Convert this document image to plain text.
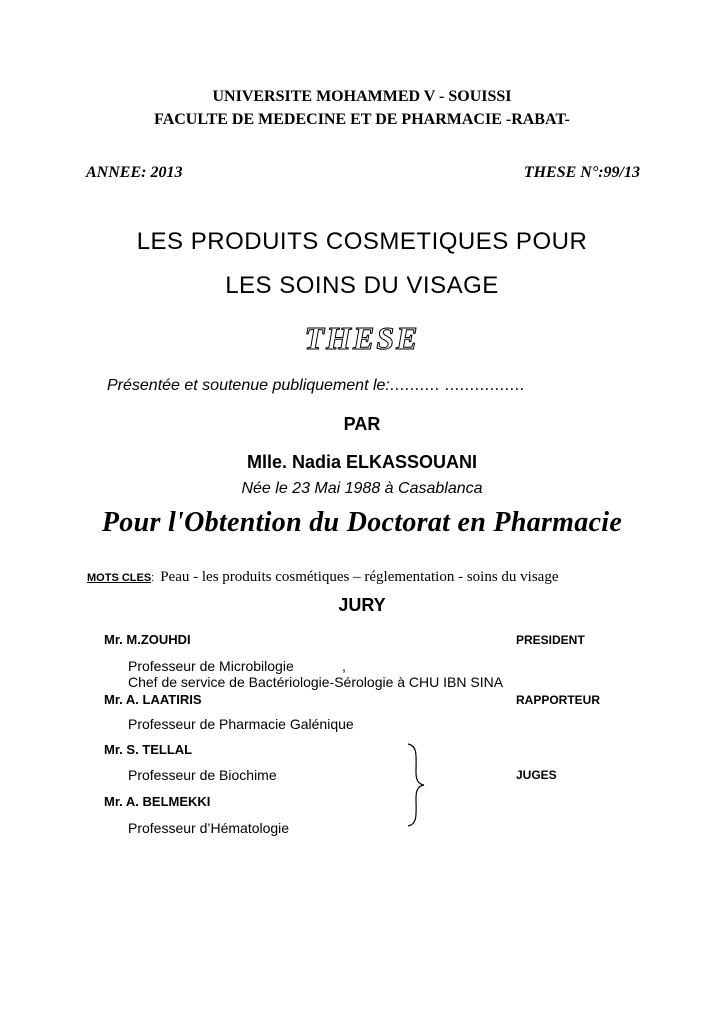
UNIVERSITE MOHAMMED V - SOUISSI
FACULTE DE MEDECINE ET DE PHARMACIE -RABAT-
ANNEE: 2013	THESE N°:99/13
LES PRODUITS COSMETIQUES POUR
LES SOINS DU VISAGE
THESE
Présentée et soutenue publiquement le:.......... ................
PAR
Mlle. Nadia ELKASSOUANI
Née le 23 Mai 1988 à Casablanca
Pour l'Obtention du Doctorat en Pharmacie
MOTS CLES: Peau - les produits cosmétiques – réglementation - soins du visage
JURY
Mr. M.ZOUHDI	PRESIDENT
Professeur de Microbilogie	,
Chef de service de Bactériologie-Sérologie à CHU IBN SINA
Mr. A. LAATIRIS	RAPPORTEUR
Professeur de Pharmacie Galénique
Mr. S. TELLAL
Professeur de Biochime
Mr. A. BELMEKKI
Professeur d’Hématologie
JUGES
